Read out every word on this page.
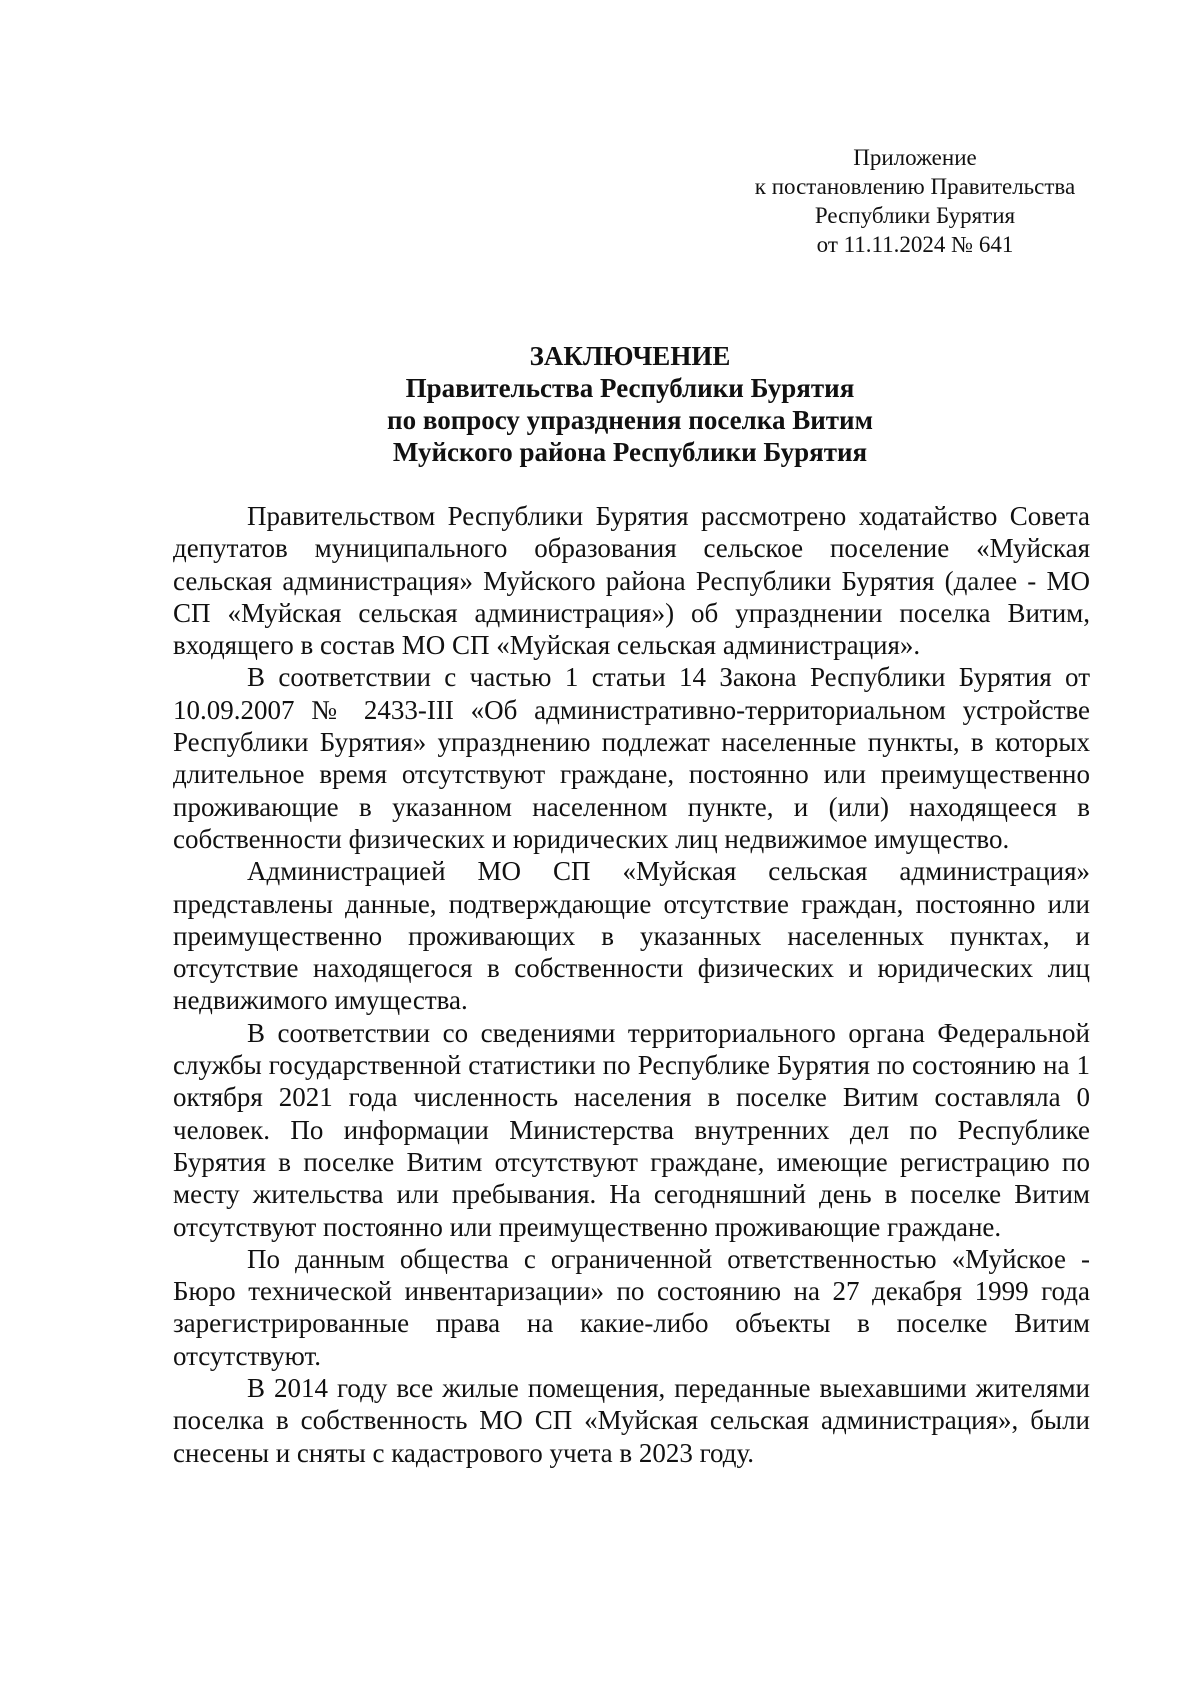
Приложение
к постановлению Правительства
Республики Бурятия
от 11.11.2024 № 641
ЗАКЛЮЧЕНИЕ
Правительства Республики Бурятия
по вопросу упразднения поселка Витим
Муйского района Республики Бурятия

Правительством Республики Бурятия рассмотрено ходатайство Совета депутатов муниципального образования сельское поселение «Муйская сельская администрация» Муйского района Республики Бурятия (далее - МО СП «Муйская сельская администрация») об упразднении поселка Витим, входящего в состав МО СП «Муйская сельская администрация».

В соответствии с частью 1 статьи 14 Закона Республики Бурятия от 10.09.2007 № 2433-III «Об административно-территориальном устройстве Республики Бурятия» упразднению подлежат населенные пункты, в которых длительное время отсутствуют граждане, постоянно или преимущественно проживающие в указанном населенном пункте, и (или) находящееся в собственности физических и юридических лиц недвижимое имущество.

Администрацией МО СП «Муйская сельская администрация» представлены данные, подтверждающие отсутствие граждан, постоянно или преимущественно проживающих в указанных населенных пунктах, и отсутствие находящегося в собственности физических и юридических лиц недвижимого имущества.

В соответствии со сведениями территориального органа Федеральной службы государственной статистики по Республике Бурятия по состоянию на 1 октября 2021 года численность населения в поселке Витим составляла 0 человек. По информации Министерства внутренних дел по Республике Бурятия в поселке Витим отсутствуют граждане, имеющие регистрацию по месту жительства или пребывания. На сегодняшний день в поселке Витим отсутствуют постоянно или преимущественно проживающие граждане.

По данным общества с ограниченной ответственностью «Муйское - Бюро технической инвентаризации» по состоянию на 27 декабря 1999 года зарегистрированные права на какие-либо объекты в поселке Витим отсутствуют.

В 2014 году все жилые помещения, переданные выехавшими жителями поселка в собственность МО СП «Муйская сельская администрация», были снесены и сняты с кадастрового учета в 2023 году.
